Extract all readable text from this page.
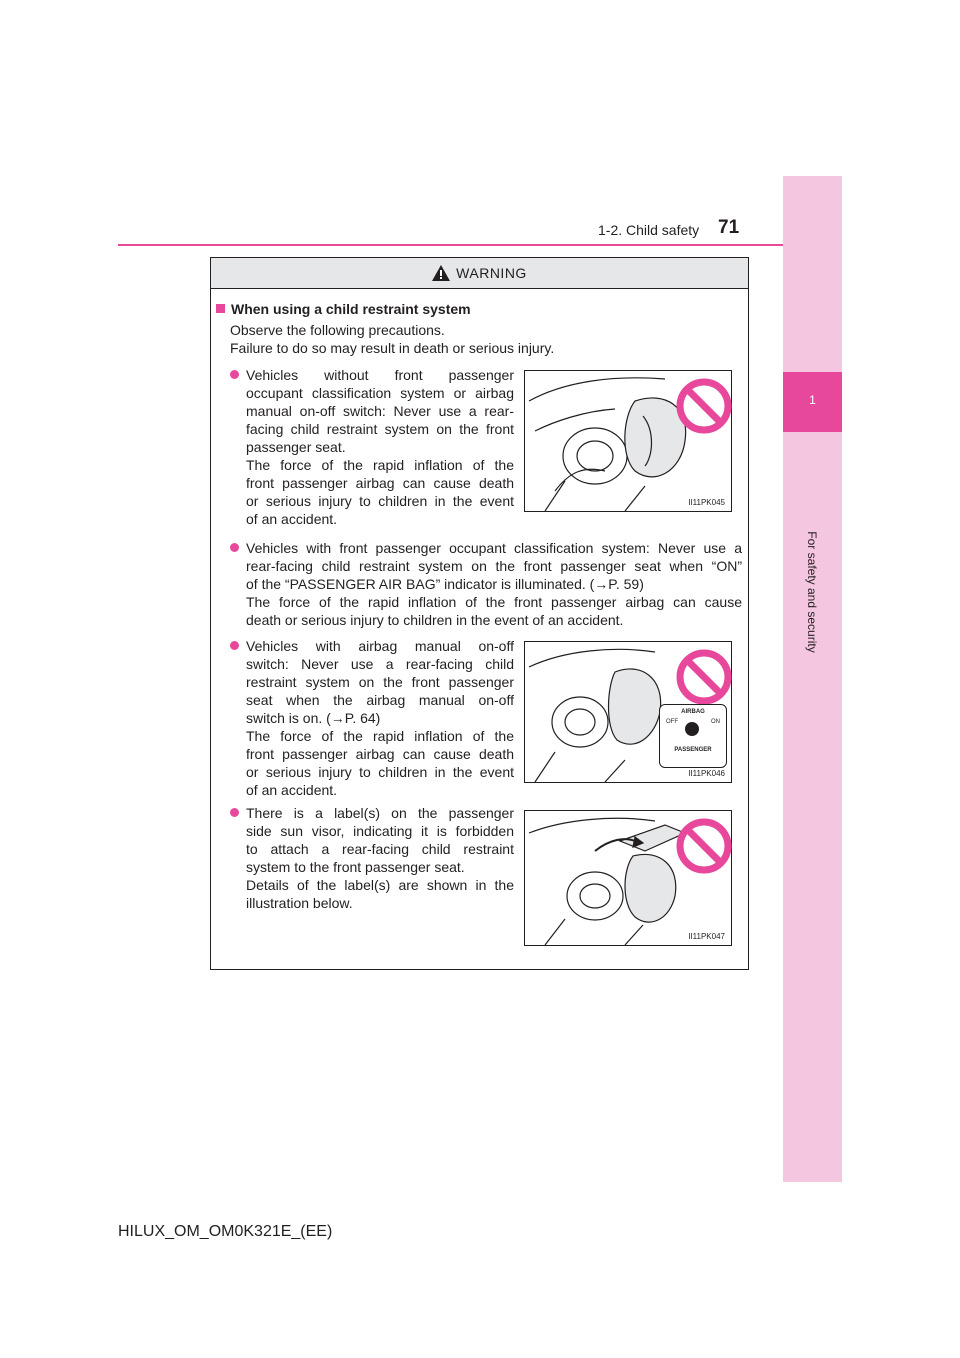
1
For safety and security
1-2. Child safety 71
WARNING
When using a child restraint system
Observe the following precautions.
Failure to do so may result in death or serious injury.
Vehicles without front passenger
occupant classification system or airbag
manual on-off switch: Never use a rear-
facing child restraint system on the front
passenger seat.
The force of the rapid inflation of the
front passenger airbag can cause death
or serious injury to children in the event
of an accident.
II11PK045
Vehicles with front passenger occupant classification system: Never use a
rear-facing child restraint system on the front passenger seat when “ON”
of the “PASSENGER AIR BAG” indicator is illuminated. (→P. 59)
The force of the rapid inflation of the front passenger airbag can cause
death or serious injury to children in the event of an accident.
Vehicles with airbag manual on-off
switch: Never use a rear-facing child
restraint system on the front passenger
seat when the airbag manual on-off
switch is on. (→P. 64)
The force of the rapid inflation of the
front passenger airbag can cause death
or serious injury to children in the event
of an accident.
AIRBAG
OFF	ON
PASSENGER
II11PK046
There is a label(s) on the passenger
side sun visor, indicating it is forbidden
to attach a rear-facing child restraint
system to the front passenger seat.
Details of the label(s) are shown in the
illustration below.
II11PK047
HILUX_OM_OM0K321E_(EE)
